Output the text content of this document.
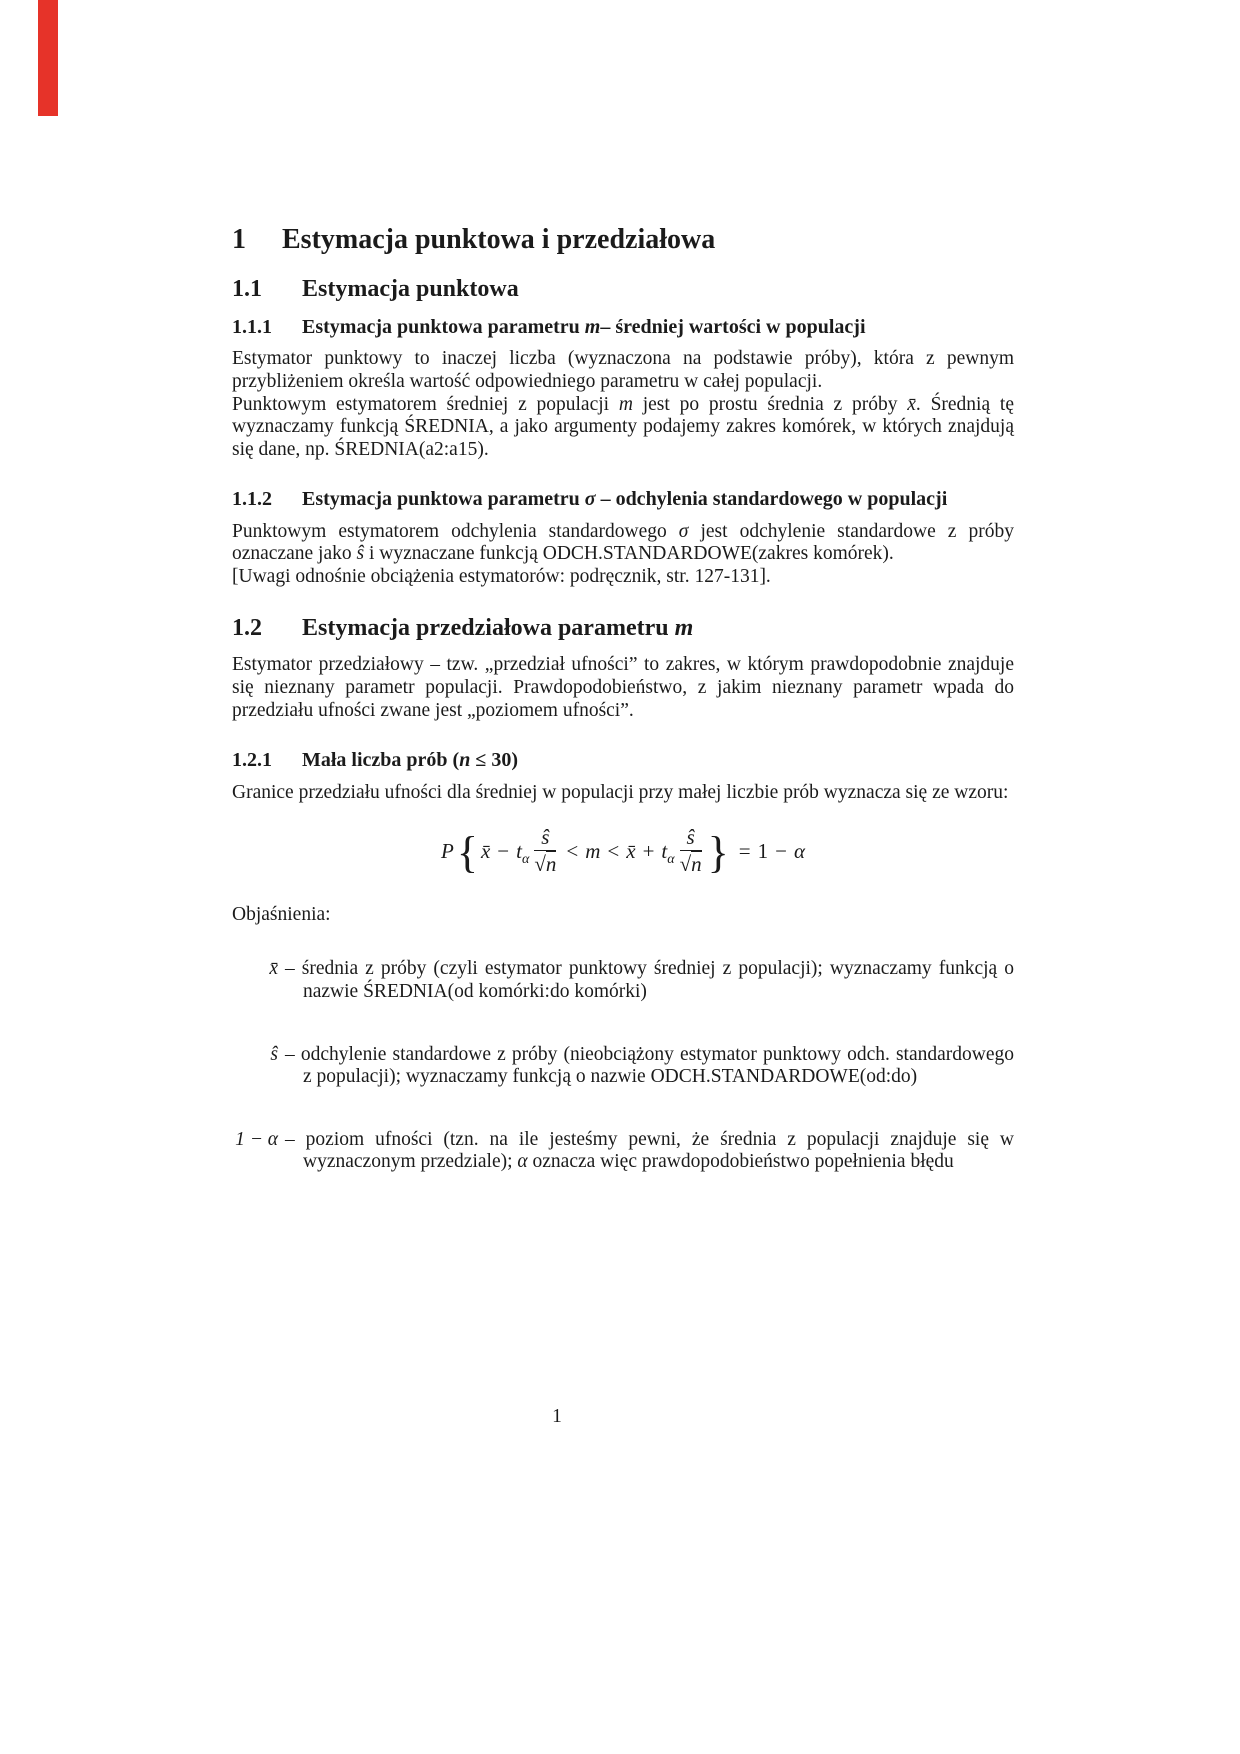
1	Estymacja punktowa i przedziałowa
1.1	Estymacja punktowa
1.1.1	Estymacja punktowa parametru m– średniej wartości w populacji

Estymator punktowy to inaczej liczba (wyznaczona na podstawie próby), która z pewnym przybliżeniem określa wartość odpowiedniego parametru w całej populacji.

Punktowym estymatorem średniej z populacji m jest po prostu średnia z próby x̄. Średnią tę wyznaczamy funkcją ŚREDNIA, a jako argumenty podajemy zakres komórek, w których znajdują się dane, np. ŚREDNIA(a2:a15).

1.1.2	Estymacja punktowa parametru σ – odchylenia standardowego w populacji

Punktowym estymatorem odchylenia standardowego σ jest odchylenie standardowe z próby oznaczane jako ŝ i wyznaczane funkcją ODCH.STANDARDOWE(zakres komórek).

[Uwagi odnośnie obciążenia estymatorów: podręcznik, str. 127-131].

1.2	Estymacja przedziałowa parametru m

Estymator przedziałowy – tzw. „przedział ufności” to zakres, w którym prawdopodobnie znajduje się nieznany parametr populacji. Prawdopodobieństwo, z jakim nieznany parametr wpada do przedziału ufności zwane jest „poziomem ufności”.

1.2.1	Mała liczba prób (n ≤ 30)

Granice przedziału ufności dla średniej w populacji przy małej liczbie prób wyznacza się ze wzoru:

P{ x̄ − $t_\alpha \frac{ŝ}{√n} < m$ < x̄ + $t_\alpha \frac{ŝ}{√n}$ } = 1 − α

Objaśnienia:

x̄ – średnia z próby (czyli estymator punktowy średniej z populacji); wyznaczamy funkcją o nazwie ŚREDNIA(od komórki:do komórki)
ŝ – odchylenie standardowe z próby (nieobciążony estymator punktowy odch. standardowego z populacji); wyznaczamy funkcją o nazwie ODCH.STANDARDOWE(od:do)
1 − α – poziom ufności (tzn. na ile jesteśmy pewni, że średnia z populacji znajduje się w wyznaczonym przedziale); α oznacza więc prawdopodobieństwo popełnienia błędu
1
